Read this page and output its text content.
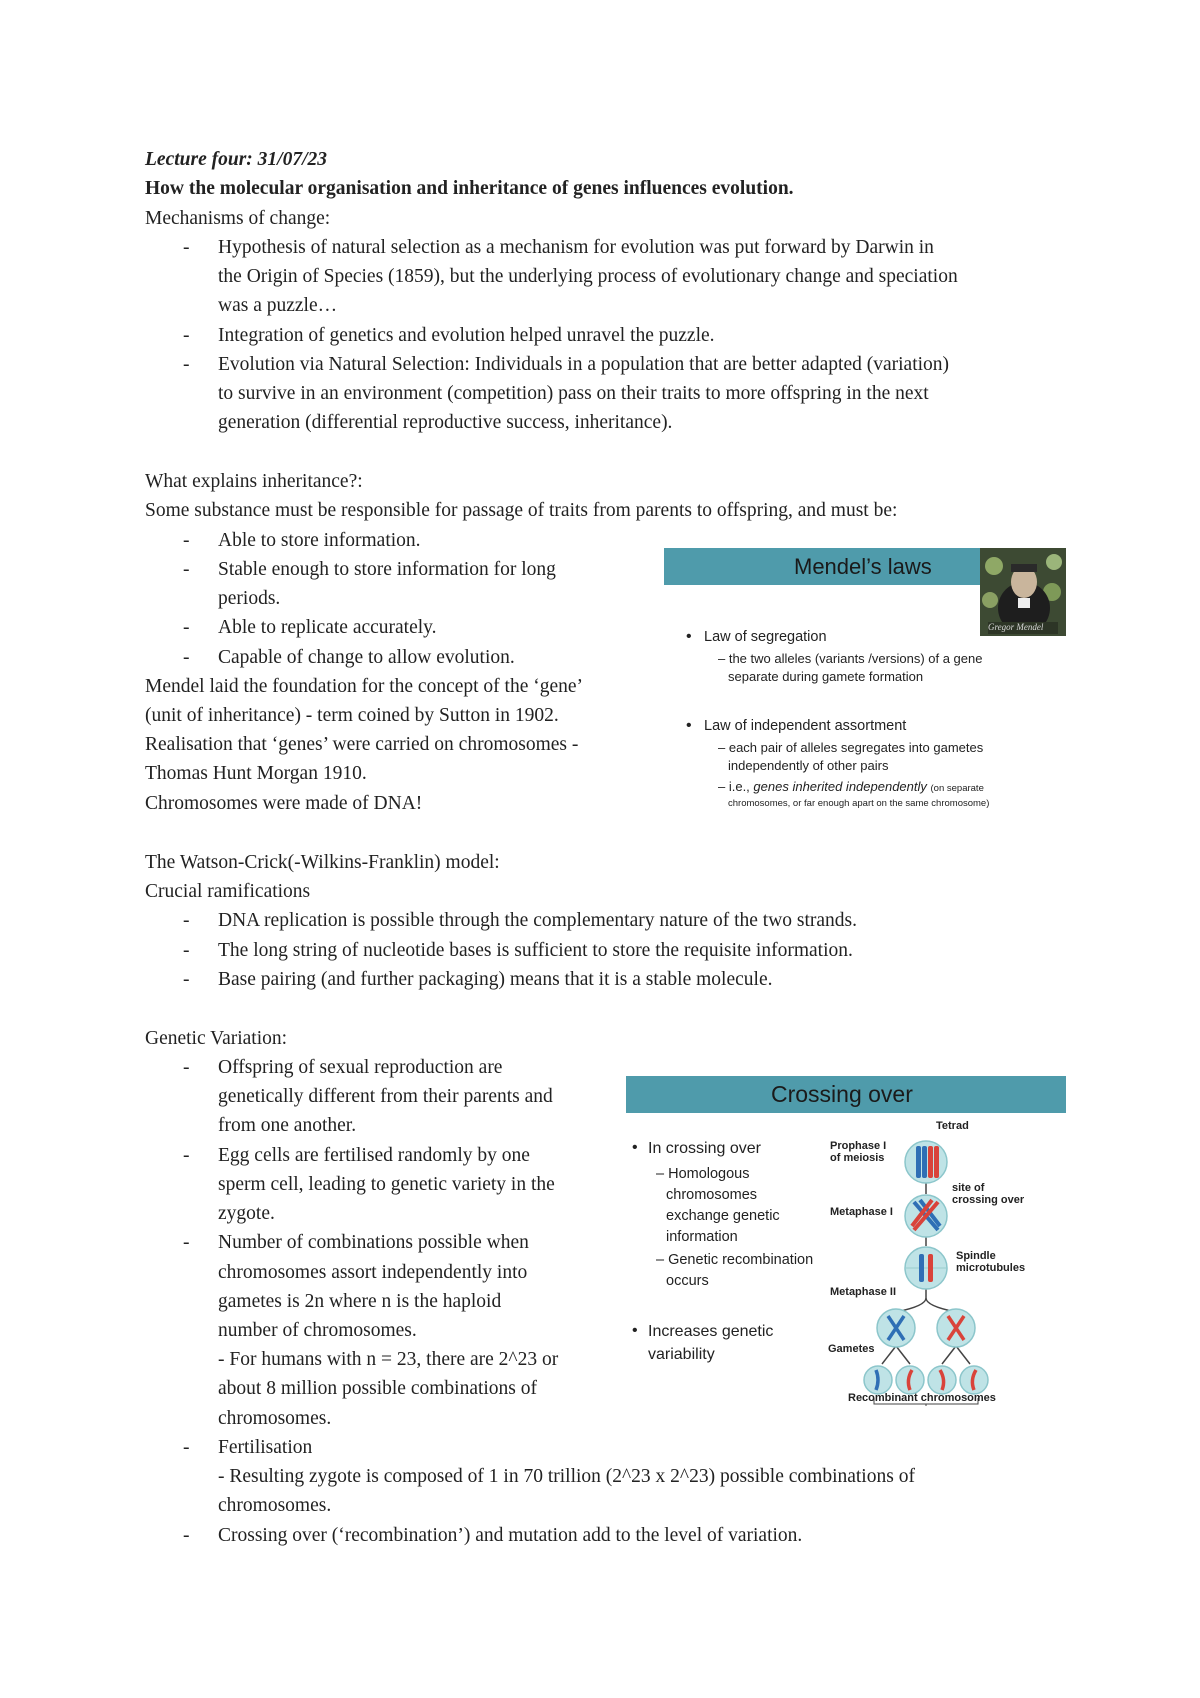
Lecture four: 31/07/23
How the molecular organisation and inheritance of genes influences evolution.
Mechanisms of change:
- Hypothesis of natural selection as a mechanism for evolution was put forward by Darwin in
the Origin of Species (1859), but the underlying process of evolutionary change and speciation
was a puzzle…
- Integration of genetics and evolution helped unravel the puzzle.
- Evolution via Natural Selection: Individuals in a population that are better adapted (variation)
to survive in an environment (competition) pass on their traits to more offspring in the next
generation (differential reproductive success, inheritance).
What explains inheritance?:
Some substance must be responsible for passage of traits from parents to offspring, and must be:
- Able to store information.
- Stable enough to store information for long
periods.
- Able to replicate accurately.
- Capable of change to allow evolution.
Mendel laid the foundation for the concept of the ‘gene’
(unit of inheritance) - term coined by Sutton in 1902.
Realisation that ‘genes’ were carried on chromosomes -
Thomas Hunt Morgan 1910.
Chromosomes were made of DNA!
Mendel’s laws
Gregor Mendel
• Law of segregation
– the two alleles (variants /versions) of a gene
separate during gamete formation
• Law of independent assortment
– each pair of alleles segregates into gametes
independently of other pairs
– i.e., genes inherited independently (on separate
chromosomes, or far enough apart on the same chromosome)
The Watson-Crick(-Wilkins-Franklin) model:
Crucial ramifications
- DNA replication is possible through the complementary nature of the two strands.
- The long string of nucleotide bases is sufficient to store the requisite information.
- Base pairing (and further packaging) means that it is a stable molecule.
Genetic Variation:
- Offspring of sexual reproduction are
genetically different from their parents and
from one another.
- Egg cells are fertilised randomly by one
sperm cell, leading to genetic variety in the
zygote.
- Number of combinations possible when
chromosomes assort independently into
gametes is 2n where n is the haploid
number of chromosomes.
- For humans with n = 23, there are 2^23 or
about 8 million possible combinations of
chromosomes.
- Fertilisation
- Resulting zygote is composed of 1 in 70 trillion (2^23 x 2^23) possible combinations of
chromosomes.
- Crossing over (‘recombination’) and mutation add to the level of variation.
Crossing over
• In crossing over
– Homologous
chromosomes
exchange genetic
information
– Genetic recombination
occurs
• Increases genetic
variability
Tetrad
Prophase I
of meiosis
site of
crossing over
Metaphase I
Spindle
microtubules
Metaphase II
Gametes
Recombinant chromosomes
